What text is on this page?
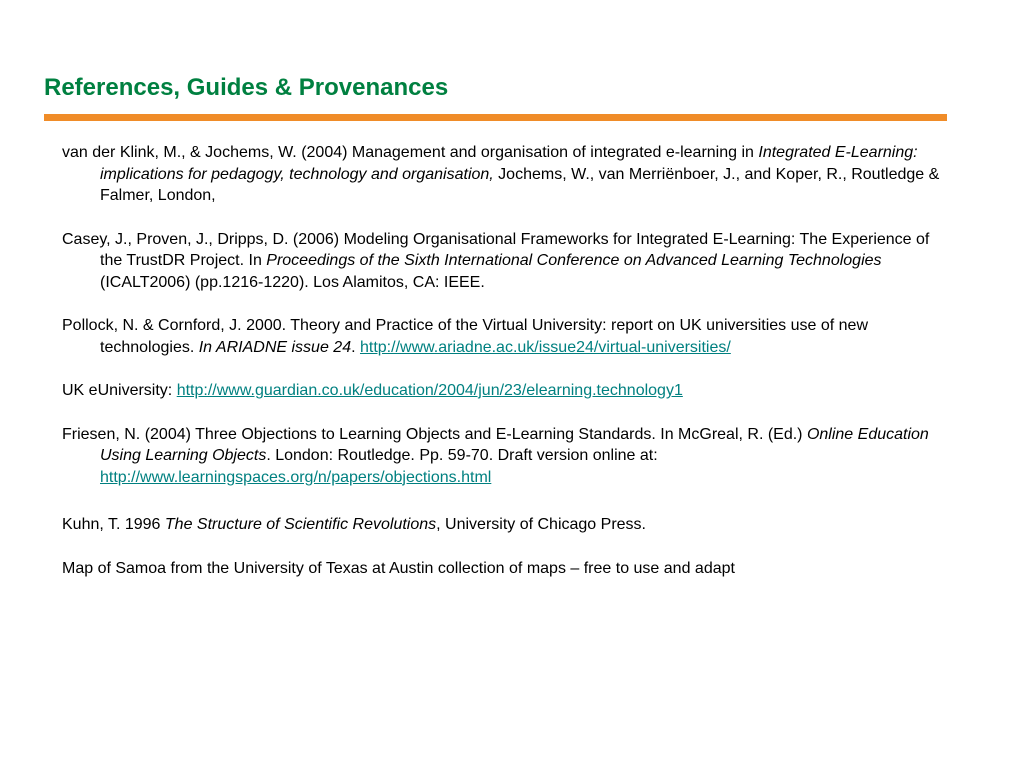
References, Guides & Provenances

van der Klink, M., & Jochems, W. (2004) Management and organisation of integrated e-learning in Integrated E-Learning: implications for pedagogy, technology and organisation, Jochems, W., van Merriënboer, J., and Koper, R., Routledge & Falmer, London,

Casey, J., Proven, J., Dripps, D. (2006) Modeling Organisational Frameworks for Integrated E-Learning: The Experience of the TrustDR Project. In Proceedings of the Sixth International Conference on Advanced Learning Technologies (ICALT2006) (pp.1216-1220). Los Alamitos, CA: IEEE.

Pollock, N. & Cornford, J. 2000. Theory and Practice of the Virtual University: report on UK universities use of new technologies. In ARIADNE issue 24. http://www.ariadne.ac.uk/issue24/virtual-universities/

UK eUniversity: http://www.guardian.co.uk/education/2004/jun/23/elearning.technology1

Friesen, N. (2004) Three Objections to Learning Objects and E-Learning Standards. In McGreal, R. (Ed.) Online Education Using Learning Objects. London: Routledge. Pp. 59-70. Draft version online at: http://www.learningspaces.org/n/papers/objections.html

Kuhn, T. 1996 The Structure of Scientific Revolutions, University of Chicago Press.

Map of Samoa from the University of Texas at Austin collection of maps – free to use and adapt
